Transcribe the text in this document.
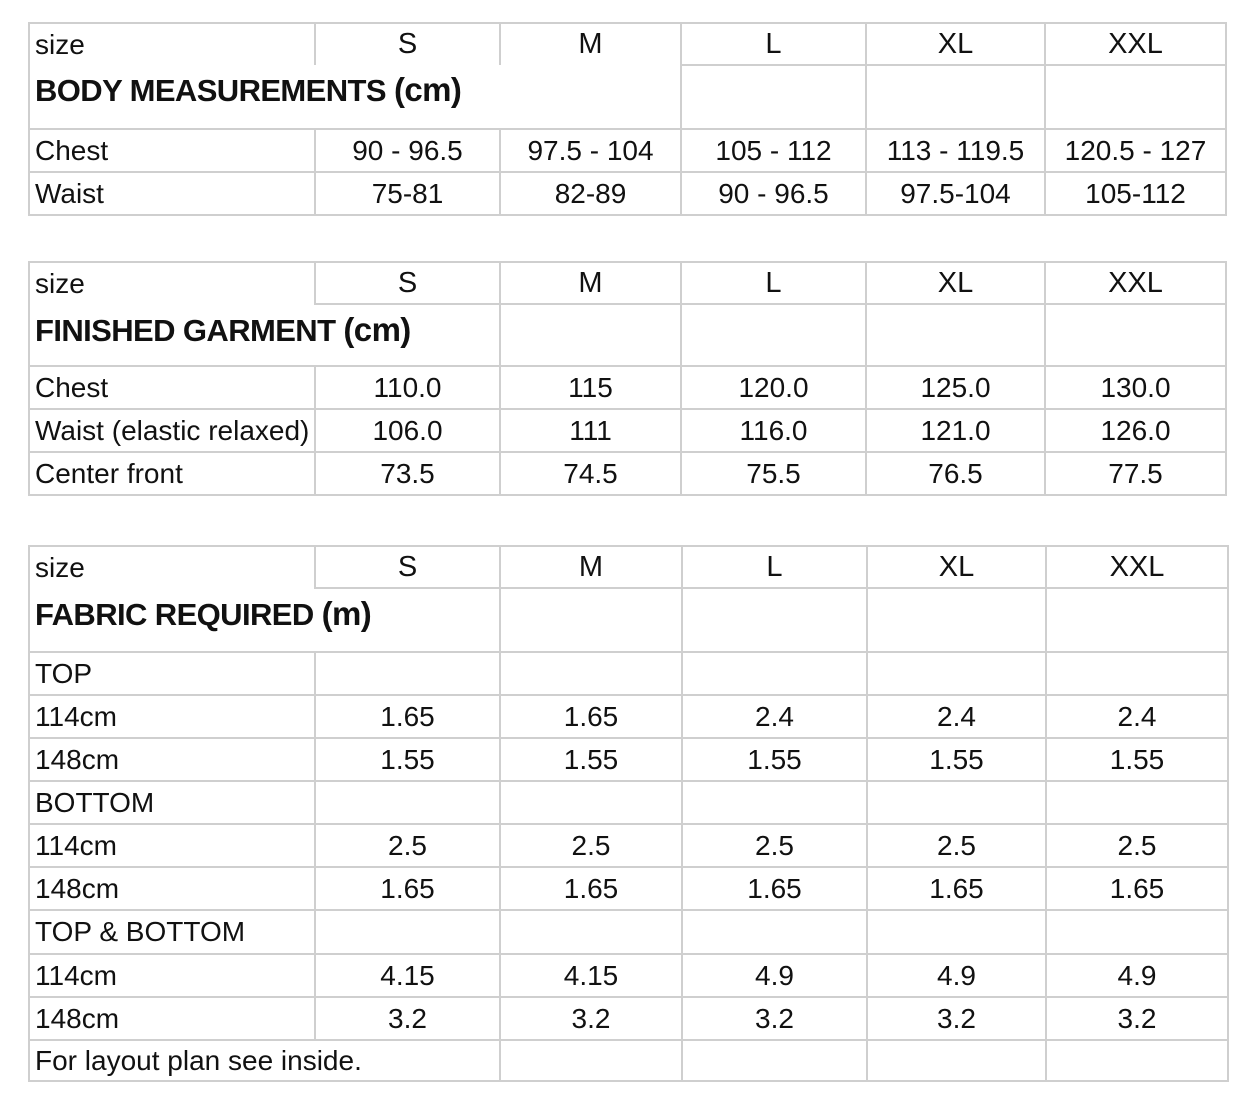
size	S	M	L	XL	XXL
BODY MEASUREMENTS (cm)					
Chest	90 - 96.5	97.5 - 104	105 - 112	113 - 119.5	120.5 - 127
Waist	75-81	82-89	90 - 96.5	97.5-104	105-112
size	S	M	L	XL	XXL
FINISHED GARMENT (cm)					
Chest	110.0	115	120.0	125.0	130.0
Waist (elastic relaxed)	106.0	111	116.0	121.0	126.0
Center front	73.5	74.5	75.5	76.5	77.5
size	S	M	L	XL	XXL
FABRIC REQUIRED (m)					
TOP					
114cm	1.65	1.65	2.4	2.4	2.4
148cm	1.55	1.55	1.55	1.55	1.55
BOTTOM					
114cm	2.5	2.5	2.5	2.5	2.5
148cm	1.65	1.65	1.65	1.65	1.65
TOP & BOTTOM					
114cm	4.15	4.15	4.9	4.9	4.9
148cm	3.2	3.2	3.2	3.2	3.2
For layout plan see inside.					
